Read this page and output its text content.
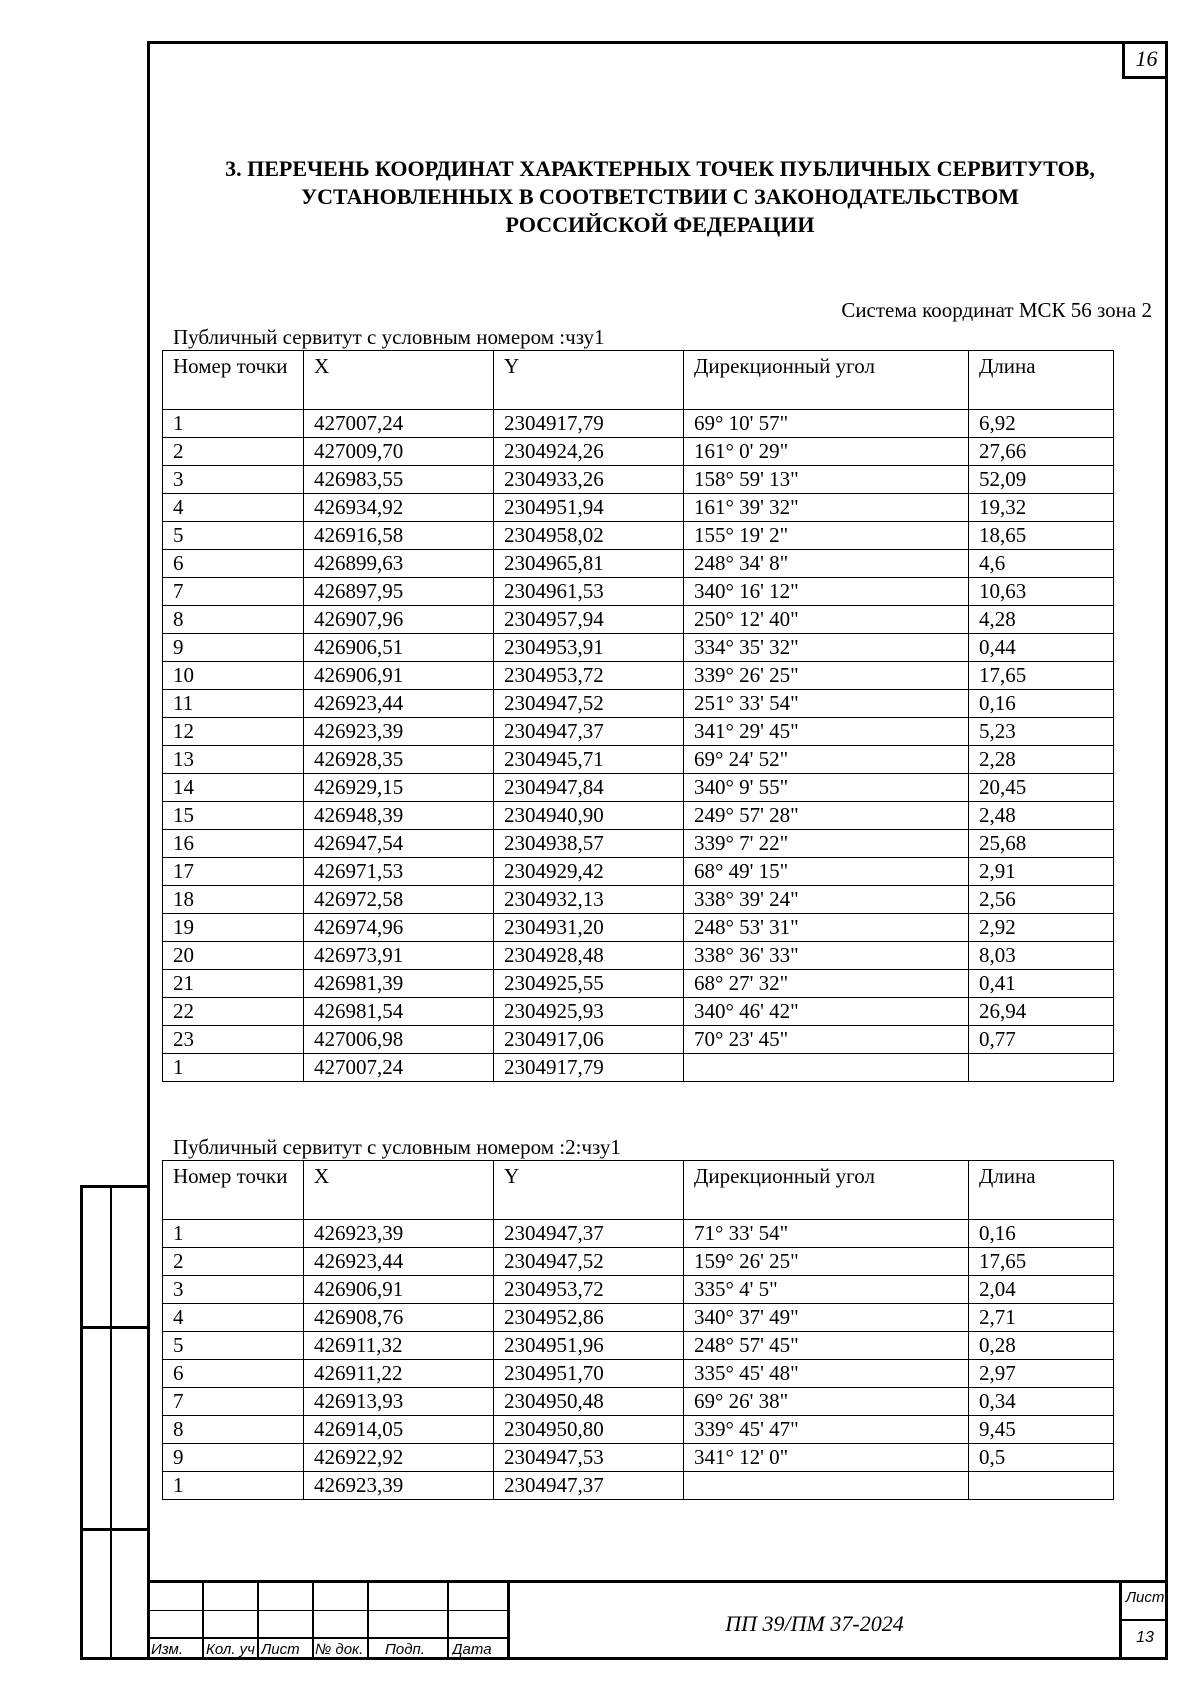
16
3. ПЕРЕЧЕНЬ КООРДИНАТ ХАРАКТЕРНЫХ ТОЧЕК ПУБЛИЧНЫХ СЕРВИТУТОВ,
УСТАНОВЛЕННЫХ В СООТВЕТСТВИИ С ЗАКОНОДАТЕЛЬСТВОМ
РОССИЙСКОЙ ФЕДЕРАЦИИ
Система координат МСК 56 зона 2
Публичный сервитут с условным номером :чзу1
Номер точки	X	Y	Дирекционный угол	Длина
1	427007,24	2304917,79	69° 10' 57"	6,92
2	427009,70	2304924,26	161° 0' 29"	27,66
3	426983,55	2304933,26	158° 59' 13"	52,09
4	426934,92	2304951,94	161° 39' 32"	19,32
5	426916,58	2304958,02	155° 19' 2"	18,65
6	426899,63	2304965,81	248° 34' 8"	4,6
7	426897,95	2304961,53	340° 16' 12"	10,63
8	426907,96	2304957,94	250° 12' 40"	4,28
9	426906,51	2304953,91	334° 35' 32"	0,44
10	426906,91	2304953,72	339° 26' 25"	17,65
11	426923,44	2304947,52	251° 33' 54"	0,16
12	426923,39	2304947,37	341° 29' 45"	5,23
13	426928,35	2304945,71	69° 24' 52"	2,28
14	426929,15	2304947,84	340° 9' 55"	20,45
15	426948,39	2304940,90	249° 57' 28"	2,48
16	426947,54	2304938,57	339° 7' 22"	25,68
17	426971,53	2304929,42	68° 49' 15"	2,91
18	426972,58	2304932,13	338° 39' 24"	2,56
19	426974,96	2304931,20	248° 53' 31"	2,92
20	426973,91	2304928,48	338° 36' 33"	8,03
21	426981,39	2304925,55	68° 27' 32"	0,41
22	426981,54	2304925,93	340° 46' 42"	26,94
23	427006,98	2304917,06	70° 23' 45"	0,77
1	427007,24	2304917,79		
Публичный сервитут с условным номером :2:чзу1
Номер точки	X	Y	Дирекционный угол	Длина
1	426923,39	2304947,37	71° 33' 54"	0,16
2	426923,44	2304947,52	159° 26' 25"	17,65
3	426906,91	2304953,72	335° 4' 5"	2,04
4	426908,76	2304952,86	340° 37' 49"	2,71
5	426911,32	2304951,96	248° 57' 45"	0,28
6	426911,22	2304951,70	335° 45' 48"	2,97
7	426913,93	2304950,48	69° 26' 38"	0,34
8	426914,05	2304950,80	339° 45' 47"	9,45
9	426922,92	2304947,53	341° 12' 0"	0,5
1	426923,39	2304947,37		
Изм.	Кол. уч Лист	№ док. Подп.	Дата
ПП 39/ПМ 37-2024
Лист
13
